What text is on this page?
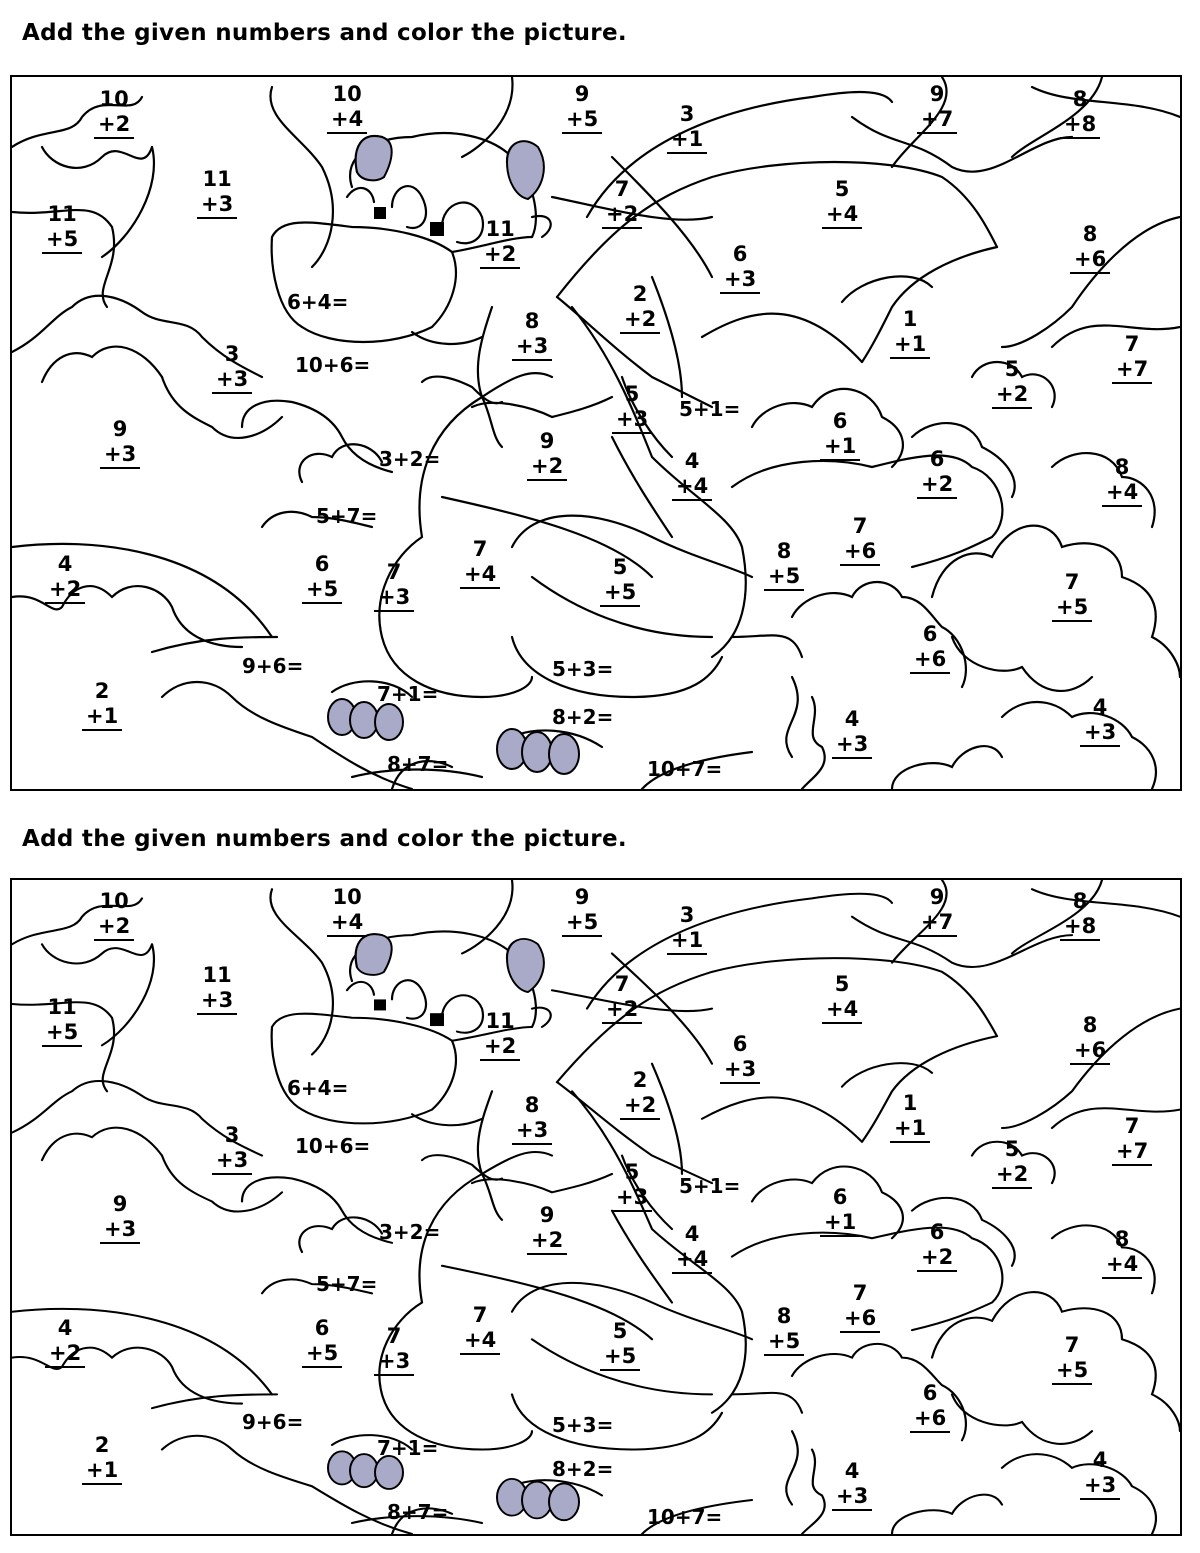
Add the given numbers and color the picture.
10
+2
10
+4
9
+5	3
+1
9
+7
8
+8
11
+3
11
+5
7
+2
5
+4
11
+2
8
+6
6
+3
2
+2
8
+3
1
+1	7
+7
3
+3	5
+2
5
+3
9
+3
6
+1
9
+2	6
+2
4
+4
8
+4
7
+6
4
+2
6
+5
7
+3
7
+4	5
+5
8
+5	7
+5
6
+6
2
+1	4
+3
4
+3
6+4=
10+6=
3+2=
5+1=
5+7=
9+6=
7+1=
5+3=
8+2=
8+7=	10+7=
Add the given numbers and color the picture.
10
+2
10
+4
9
+5	3
+1
9
+7
8
+8
11
+3
11
+5
7
+2
5
+4
11
+2
8
+6
6
+3
2
+2
8
+3
1
+1	7
+7
3
+3	5
+2
5
+3
9
+3
6
+1
9
+2	6
+2
4
+4
8
+4
7
+6
4
+2
6
+5
7
+3
7
+4	5
+5
8
+5	7
+5
6
+6
2
+1	4
+3
4
+3
6+4=
10+6=
3+2=
5+1=
5+7=
9+6=
7+1=
5+3=
8+2=
8+7=	10+7=
